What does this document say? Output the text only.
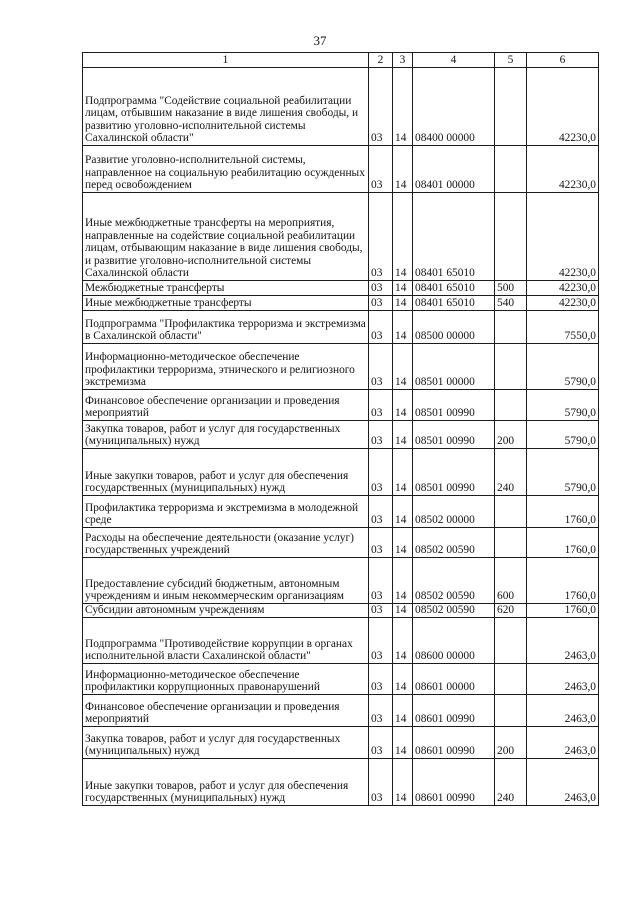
37
1	2	3	4	5	6
Подпрограмма "Содействие социальной реабилитации лицам, отбывшим наказание в виде лишения свободы, и развитию уголовно-исполнительной системы Сахалинской области"	03	14	08400 00000		42230,0
Развитие уголовно-исполнительной системы, направленное на социальную реабилитацию осужденных перед освобождением	03	14	08401 00000		42230,0
Иные межбюджетные трансферты на мероприятия, направленные на содействие социальной реабилитации лицам, отбывающим наказание в виде лишения свободы, и развитие уголовно-исполнительной системы Сахалинской области	03	14	08401 65010		42230,0
Межбюджетные трансферты	03	14	08401 65010	500	42230,0
Иные межбюджетные трансферты	03	14	08401 65010	540	42230,0
Подпрограмма "Профилактика терроризма и экстремизма в Сахалинской области"	03	14	08500 00000		7550,0
Информационно-методическое обеспечение профилактики терроризма, этнического и религиозного экстремизма	03	14	08501 00000		5790,0
Финансовое обеспечение организации и проведения мероприятий	03	14	08501 00990		5790,0
Закупка товаров, работ и услуг для государственных (муниципальных) нужд	03	14	08501 00990	200	5790,0
Иные закупки товаров, работ и услуг для обеспечения государственных (муниципальных) нужд	03	14	08501 00990	240	5790,0
Профилактика терроризма и экстремизма в молодежной среде	03	14	08502 00000		1760,0
Расходы на обеспечение деятельности (оказание услуг) государственных учреждений	03	14	08502 00590		1760,0
Предоставление субсидий бюджетным, автономным учреждениям и иным некоммерческим организациям	03	14	08502 00590	600	1760,0
Субсидии автономным учреждениям	03	14	08502 00590	620	1760,0
Подпрограмма "Противодействие коррупции в органах исполнительной власти Сахалинской области"	03	14	08600 00000		2463,0
Информационно-методическое обеспечение профилактики коррупционных правонарушений	03	14	08601 00000		2463,0
Финансовое обеспечение организации и проведения мероприятий	03	14	08601 00990		2463,0
Закупка товаров, работ и услуг для государственных (муниципальных) нужд	03	14	08601 00990	200	2463,0
Иные закупки товаров, работ и услуг для обеспечения государственных (муниципальных) нужд	03	14	08601 00990	240	2463,0
